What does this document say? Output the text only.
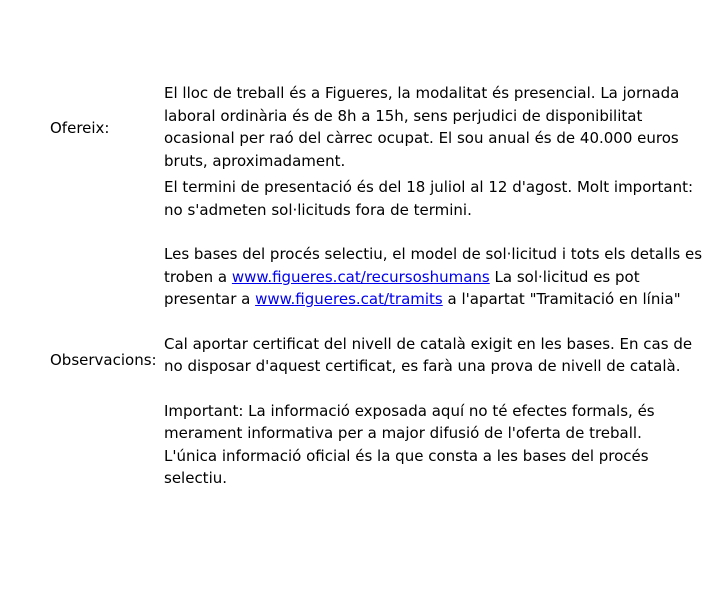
Ofereix:
Observacions:

El lloc de treball és a Figueres, la modalitat és presencial. La jornada

laboral ordinària és de 8h a 15h, sens perjudici de disponibilitat

ocasional per raó del càrrec ocupat. El sou anual és de 40.000 euros

bruts, aproximadament.

El termini de presentació és del 18 juliol al 12 d'agost. Molt important:

no s'admeten sol·licituds fora de termini.

Les bases del procés selectiu, el model de sol·licitud i tots els detalls es

troben a www.figueres.cat/recursoshumans La sol·licitud es pot

presentar a www.figueres.cat/tramits a l'apartat "Tramitació en línia"

Cal aportar certificat del nivell de català exigit en les bases. En cas de

no disposar d'aquest certificat, es farà una prova de nivell de català.

Important: La informació exposada aquí no té efectes formals, és

merament informativa per a major difusió de l'oferta de treball.

L'única informació oficial és la que consta a les bases del procés

selectiu.
